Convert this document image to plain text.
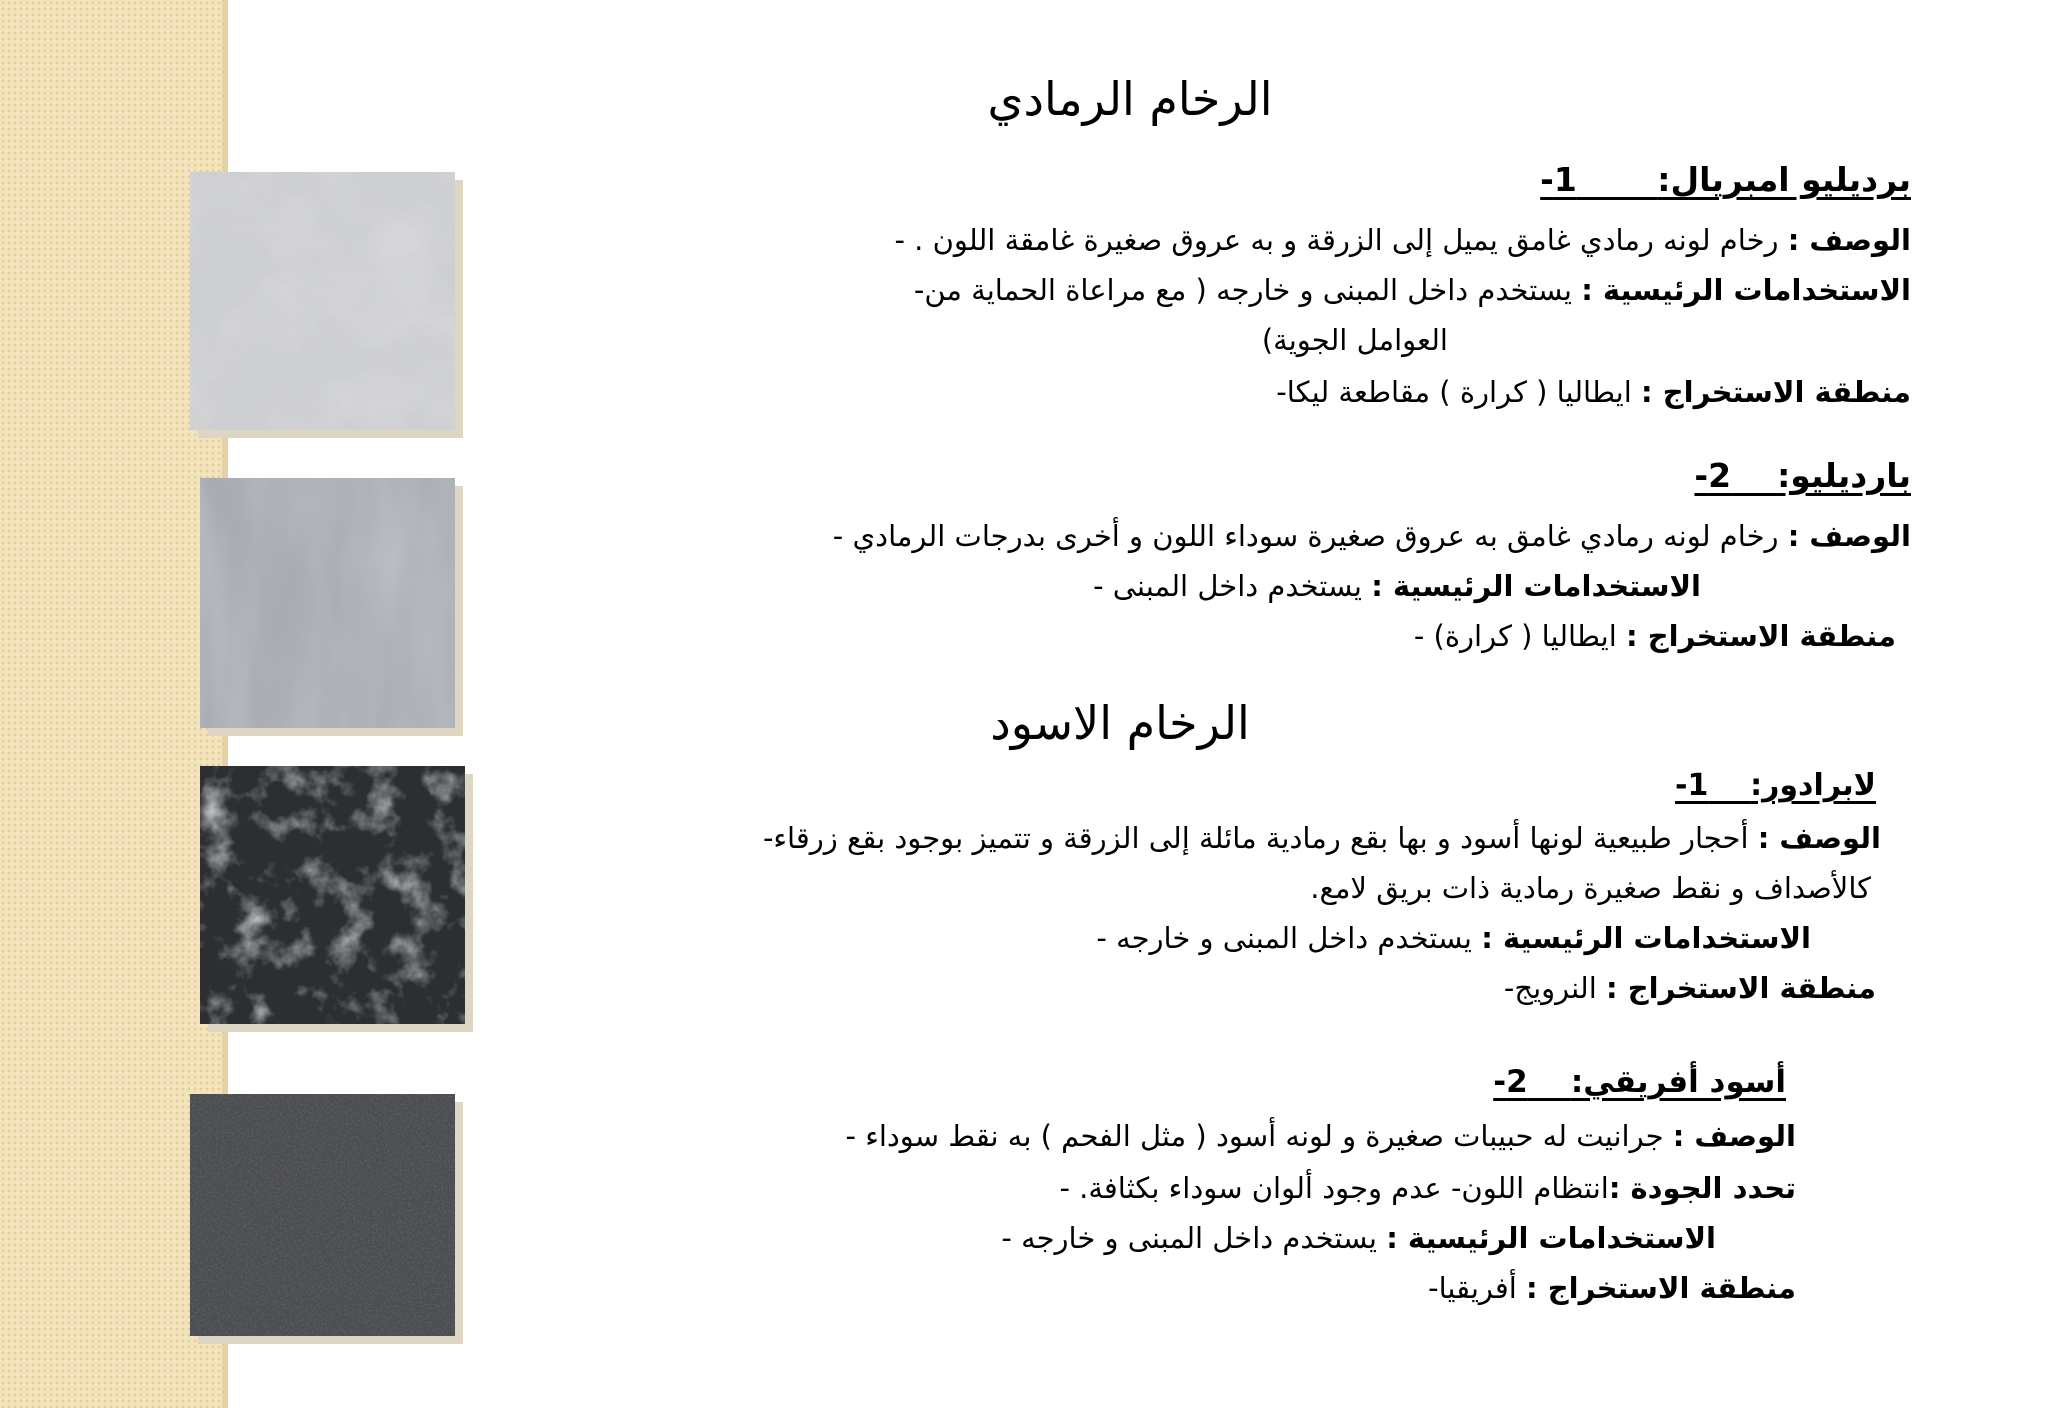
الرخام الرمادي
الرخام الاسود
برديليو امبريال:       1-
الوصف : رخام لونه رمادي غامق يميل إلى الزرقة و به عروق صغيرة غامقة اللون . -
الاستخدامات الرئيسية : يستخدم داخل المبنى و خارجه ( مع مراعاة الحماية من-
العوامل الجوية)
منطقة الاستخراج : ايطاليا ( كرارة ) مقاطعة ليكا-
بارديليو:    2-
الوصف : رخام لونه رمادي غامق به عروق صغيرة سوداء اللون و أخرى بدرجات الرمادي -
الاستخدامات الرئيسية : يستخدم داخل المبنى -
منطقة الاستخراج : ايطاليا ( كرارة) -
لابرادور:    1-
الوصف : أحجار طبيعية لونها أسود و بها بقع رمادية مائلة إلى الزرقة و تتميز بوجود بقع زرقاء-
كالأصداف و نقط صغيرة رمادية ذات بريق لامع.
الاستخدامات الرئيسية : يستخدم داخل المبنى و خارجه -
منطقة الاستخراج : النرويج-
أسود أفريقي:    2-
الوصف : جرانيت له حبيبات صغيرة و لونه أسود ( مثل الفحم ) به نقط سوداء -
تحدد الجودة :انتظام اللون- عدم وجود ألوان سوداء بكثافة. -
الاستخدامات الرئيسية : يستخدم داخل المبنى و خارجه -
منطقة الاستخراج : أفريقيا-
